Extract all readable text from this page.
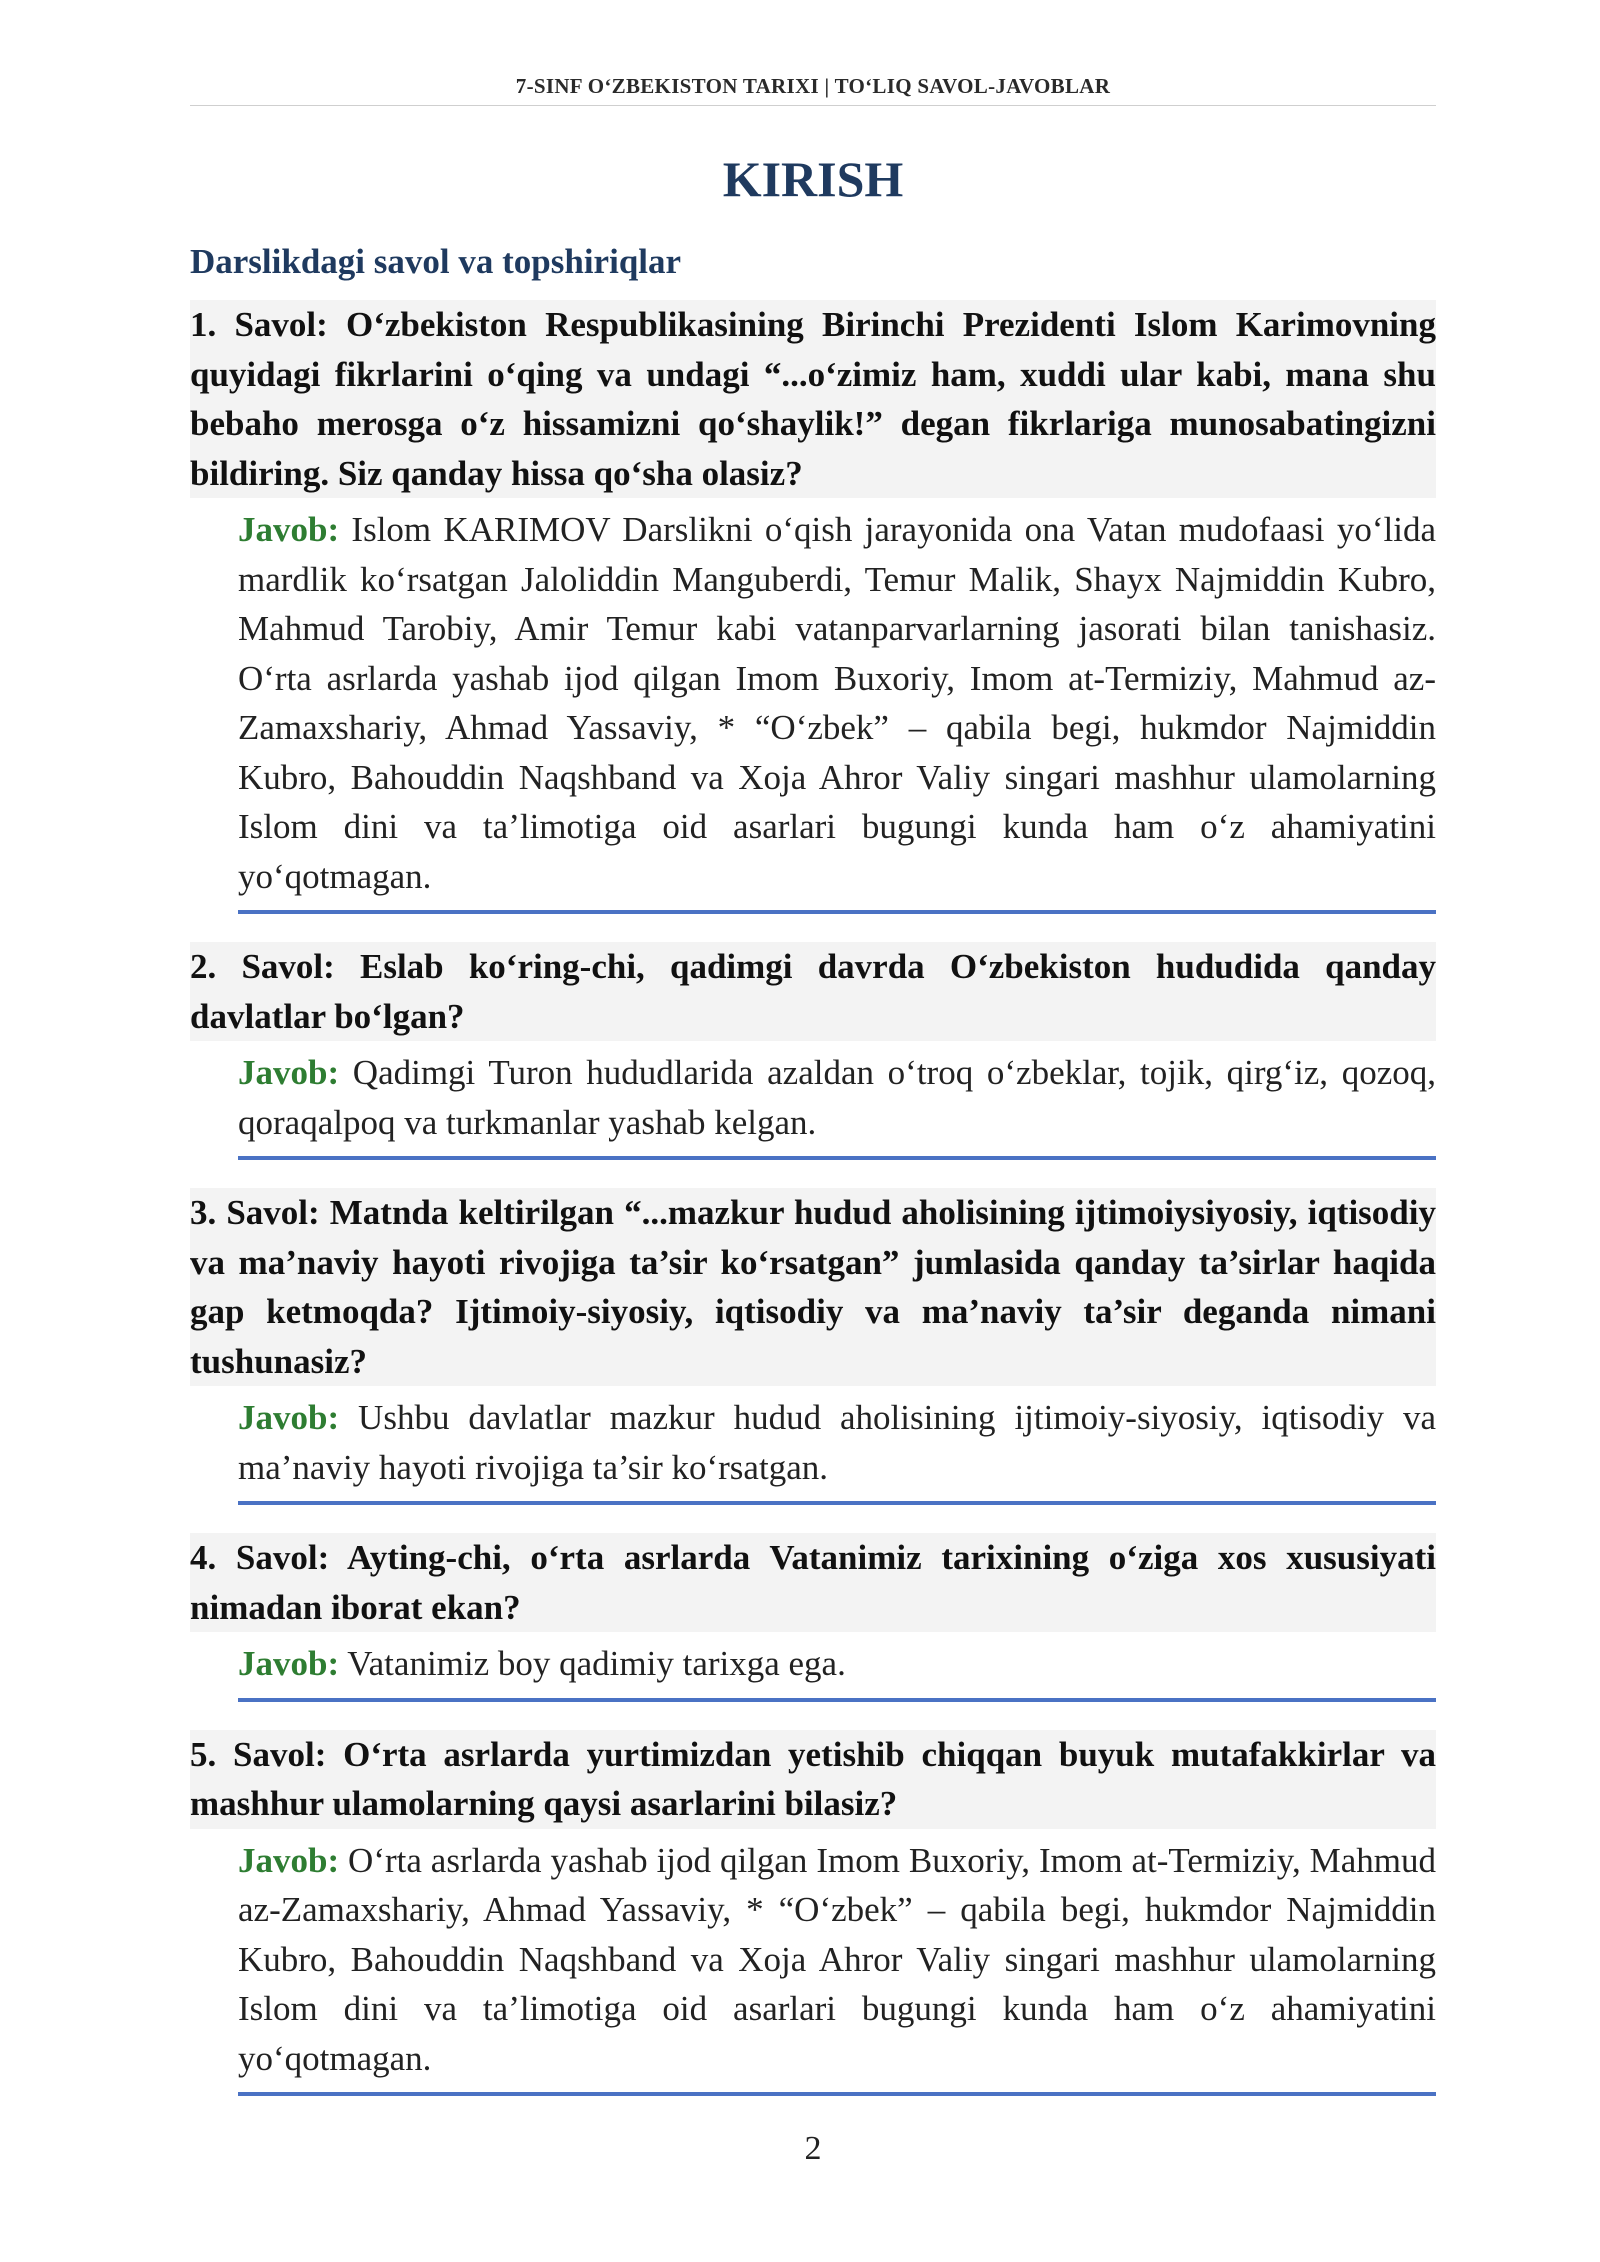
7-SINF O‘ZBEKISTON TARIXI | TO‘LIQ SAVOL-JAVOBLAR
KIRISH
Darslikdagi savol va topshiriqlar
1. Savol: O‘zbekiston Respublikasining Birinchi Prezidenti Islom Karimovning quyidagi fikrlarini o‘qing va undagi “...o‘zimiz ham, xuddi ular kabi, mana shu bebaho merosga o‘z hissamizni qo‘shaylik!” degan fikrlariga munosabatingizni bildiring. Siz qanday hissa qo‘sha olasiz?
Javob: Islom KARIMOV Darslikni o‘qish jarayonida ona Vatan mudofaasi yo‘lida mardlik ko‘rsatgan Jaloliddin Manguberdi, Temur Malik, Shayx Najmiddin Kubro, Mahmud Tarobiy, Amir Temur kabi vatanparvarlarning jasorati bilan tanishasiz. O‘rta asrlarda yashab ijod qilgan Imom Buxoriy, Imom at-Termiziy, Mahmud az-Zamaxshariy, Ahmad Yassaviy, * “O‘zbek” – qabila begi, hukmdor Najmiddin Kubro, Bahouddin Naqshband va Xoja Ahror Valiy singari mashhur ulamolarning Islom dini va ta’limotiga oid asarlari bugungi kunda ham o‘z ahamiyatini yo‘qotmagan.
2. Savol: Eslab ko‘ring-chi, qadimgi davrda O‘zbekiston hududida qanday davlatlar bo‘lgan?
Javob: Qadimgi Turon hududlarida azaldan o‘troq o‘zbeklar, tojik, qirg‘iz, qozoq, qoraqalpoq va turkmanlar yashab kelgan.
3. Savol: Matnda keltirilgan “...mazkur hudud aholisining ijtimoiysiyosiy, iqtisodiy va ma’naviy hayoti rivojiga ta’sir ko‘rsatgan” jumlasida qanday ta’sirlar haqida gap ketmoqda? Ijtimoiy-siyosiy, iqtisodiy va ma’naviy ta’sir deganda nimani tushunasiz?
Javob: Ushbu davlatlar mazkur hudud aholisining ijtimoiy-siyosiy, iqtisodiy va ma’naviy hayoti rivojiga ta’sir ko‘rsatgan.
4. Savol: Ayting-chi, o‘rta asrlarda Vatanimiz tarixining o‘ziga xos xususiyati nimadan iborat ekan?
Javob: Vatanimiz boy qadimiy tarixga ega.
5. Savol: O‘rta asrlarda yurtimizdan yetishib chiqqan buyuk mutafakkirlar va mashhur ulamolarning qaysi asarlarini bilasiz?
Javob: O‘rta asrlarda yashab ijod qilgan Imom Buxoriy, Imom at-Termiziy, Mahmud az-Zamaxshariy, Ahmad Yassaviy, * “O‘zbek” – qabila begi, hukmdor Najmiddin Kubro, Bahouddin Naqshband va Xoja Ahror Valiy singari mashhur ulamolarning Islom dini va ta’limotiga oid asarlari bugungi kunda ham o‘z ahamiyatini yo‘qotmagan.
2
